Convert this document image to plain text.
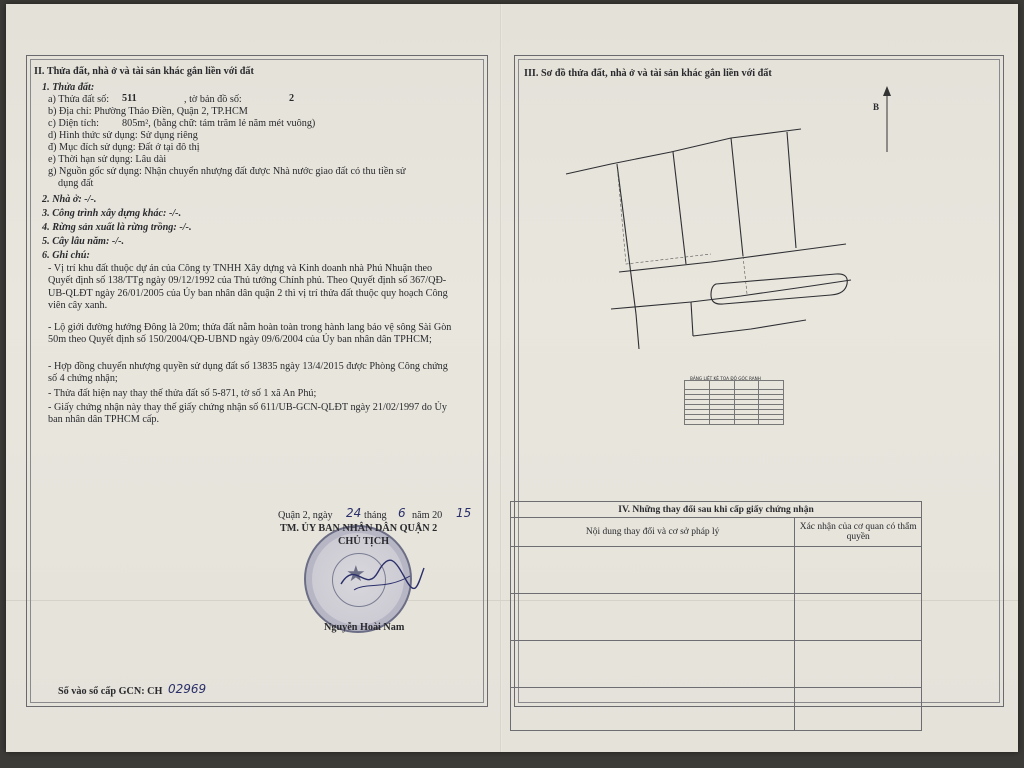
II. Thửa đất, nhà ở và tài sản khác gắn liền với đất
1. Thửa đất:
a) Thửa đất số: 511	, tờ bản đồ số:	2
b) Địa chỉ: Phường Thảo Điền, Quận 2, TP.HCM
c) Diện tích: 805m², (bằng chữ: tám trăm lẻ năm mét vuông)
d) Hình thức sử dụng: Sử dụng riêng
đ) Mục đích sử dụng: Đất ở tại đô thị
e) Thời hạn sử dụng: Lâu dài
g) Nguồn gốc sử dụng: Nhận chuyển nhượng đất được Nhà nước giao đất có thu tiền sử
dụng đất
2. Nhà ở: -/-.
3. Công trình xây dựng khác: -/-.
4. Rừng sản xuất là rừng trồng: -/-.
5. Cây lâu năm: -/-.
6. Ghi chú:
- Vị trí khu đất thuộc dự án của Công ty TNHH Xây dựng và Kinh doanh nhà Phú Nhuận theo Quyết định số 138/TTg ngày 09/12/1992 của Thủ tướng Chính phủ. Theo Quyết định số 367/QĐ-UB-QLĐT ngày 26/01/2005 của Ủy ban nhân dân quận 2 thì vị trí thửa đất thuộc quy hoạch Công viên cây xanh.
- Lộ giới đường hướng Đông là 20m; thửa đất nằm hoàn toàn trong hành lang bảo vệ sông Sài Gòn 50m theo Quyết định số 150/2004/QĐ-UBND ngày 09/6/2004 của Ủy ban nhân dân TPHCM;
- Hợp đồng chuyển nhượng quyền sử dụng đất số 13835 ngày 13/4/2015 được Phòng Công chứng số 4 chứng nhận;
- Thửa đất hiện nay thay thế thửa đất số 5-871, tờ số 1 xã An Phú;
- Giấy chứng nhận này thay thế giấy chứng nhận số 611/UB-GCN-QLĐT ngày 21/02/1997 do Ủy ban nhân dân TPHCM cấp.
Quận 2, ngày 24 tháng 6 năm 20 15
★
TM. ỦY BAN NHÂN DÂN QUẬN 2
CHỦ TỊCH
Nguyễn Hoài Nam
Số vào sổ cấp GCN: CH 02969
III. Sơ đồ thửa đất, nhà ở và tài sản khác gắn liền với đất
B
BẢNG LIỆT KÊ TỌA ĐỘ GÓC RANH

IV. Những thay đổi sau khi cấp giấy chứng nhận	
Nội dung thay đổi và cơ sở pháp lý	Xác nhận của cơ quan có thẩm quyền
